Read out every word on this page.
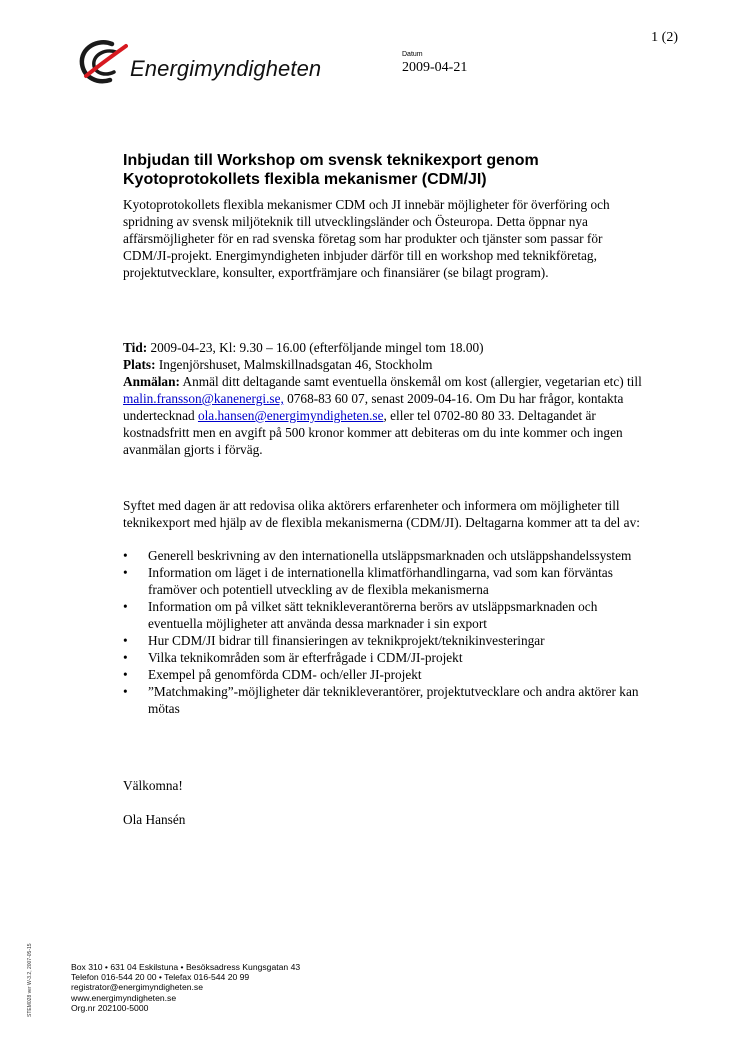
Energimyndigheten
Datum
2009-04-21
1 (2)
Inbjudan till Workshop om svensk teknikexport genom
Kyotoprotokollets flexibla mekanismer (CDM/JI)

Kyotoprotokollets flexibla mekanismer CDM och JI innebär möjligheter för överföring och spridning av svensk miljöteknik till utvecklingsländer och Östeuropa. Detta öppnar nya affärsmöjligheter för en rad svenska företag som har produkter och tjänster som passar för CDM/JI-projekt. Energimyndigheten inbjuder därför till en workshop med teknikföretag, projektutvecklare, konsulter, exportfrämjare och finansiärer (se bilagt program).

Tid: 2009-04-23, Kl: 9.30 – 16.00 (efterföljande mingel tom 18.00)
Plats: Ingenjörshuset, Malmskillnadsgatan 46, Stockholm
Anmälan: Anmäl ditt deltagande samt eventuella önskemål om kost (allergier, vegetarian etc) till malin.fransson@kanenergi.se, 0768-83 60 07, senast 2009-04-16. Om Du har frågor, kontakta undertecknad ola.hansen@energimyndigheten.se, eller tel 0702-80 80 33. Deltagandet är kostnadsfritt men en avgift på 500 kronor kommer att debiteras om du inte kommer och ingen avanmälan gjorts i förväg.

Syftet med dagen är att redovisa olika aktörers erfarenheter och informera om möjligheter till teknikexport med hjälp av de flexibla mekanismerna (CDM/JI). Deltagarna kommer att ta del av:

• Generell beskrivning av den internationella utsläppsmarknaden och utsläppshandelssystem
• Information om läget i de internationella klimatförhandlingarna, vad som kan förväntas framöver och potentiell utveckling av de flexibla mekanismerna
• Information om på vilket sätt teknikleverantörerna berörs av utsläppsmarknaden och eventuella möjligheter att använda dessa marknader i sin export
• Hur CDM/JI bidrar till finansieringen av teknikprojekt/teknikinvesteringar
• Vilka teknikområden som är efterfrågade i CDM/JI-projekt
• Exempel på genomförda CDM- och/eller JI-projekt
• ”Matchmaking”-möjligheter där teknikleverantörer, projektutvecklare och andra aktörer kan mötas

Välkomna!

Ola Hansén

STEM028 ver W-3.2, 2007-05-15	Box 310 • 631 04 Eskilstuna • Besöksadress Kungsgatan 43
Telefon 016-544 20 00 • Telefax 016-544 20 99
registrator@energimyndigheten.se
www.energimyndigheten.se
Org.nr 202100-5000
